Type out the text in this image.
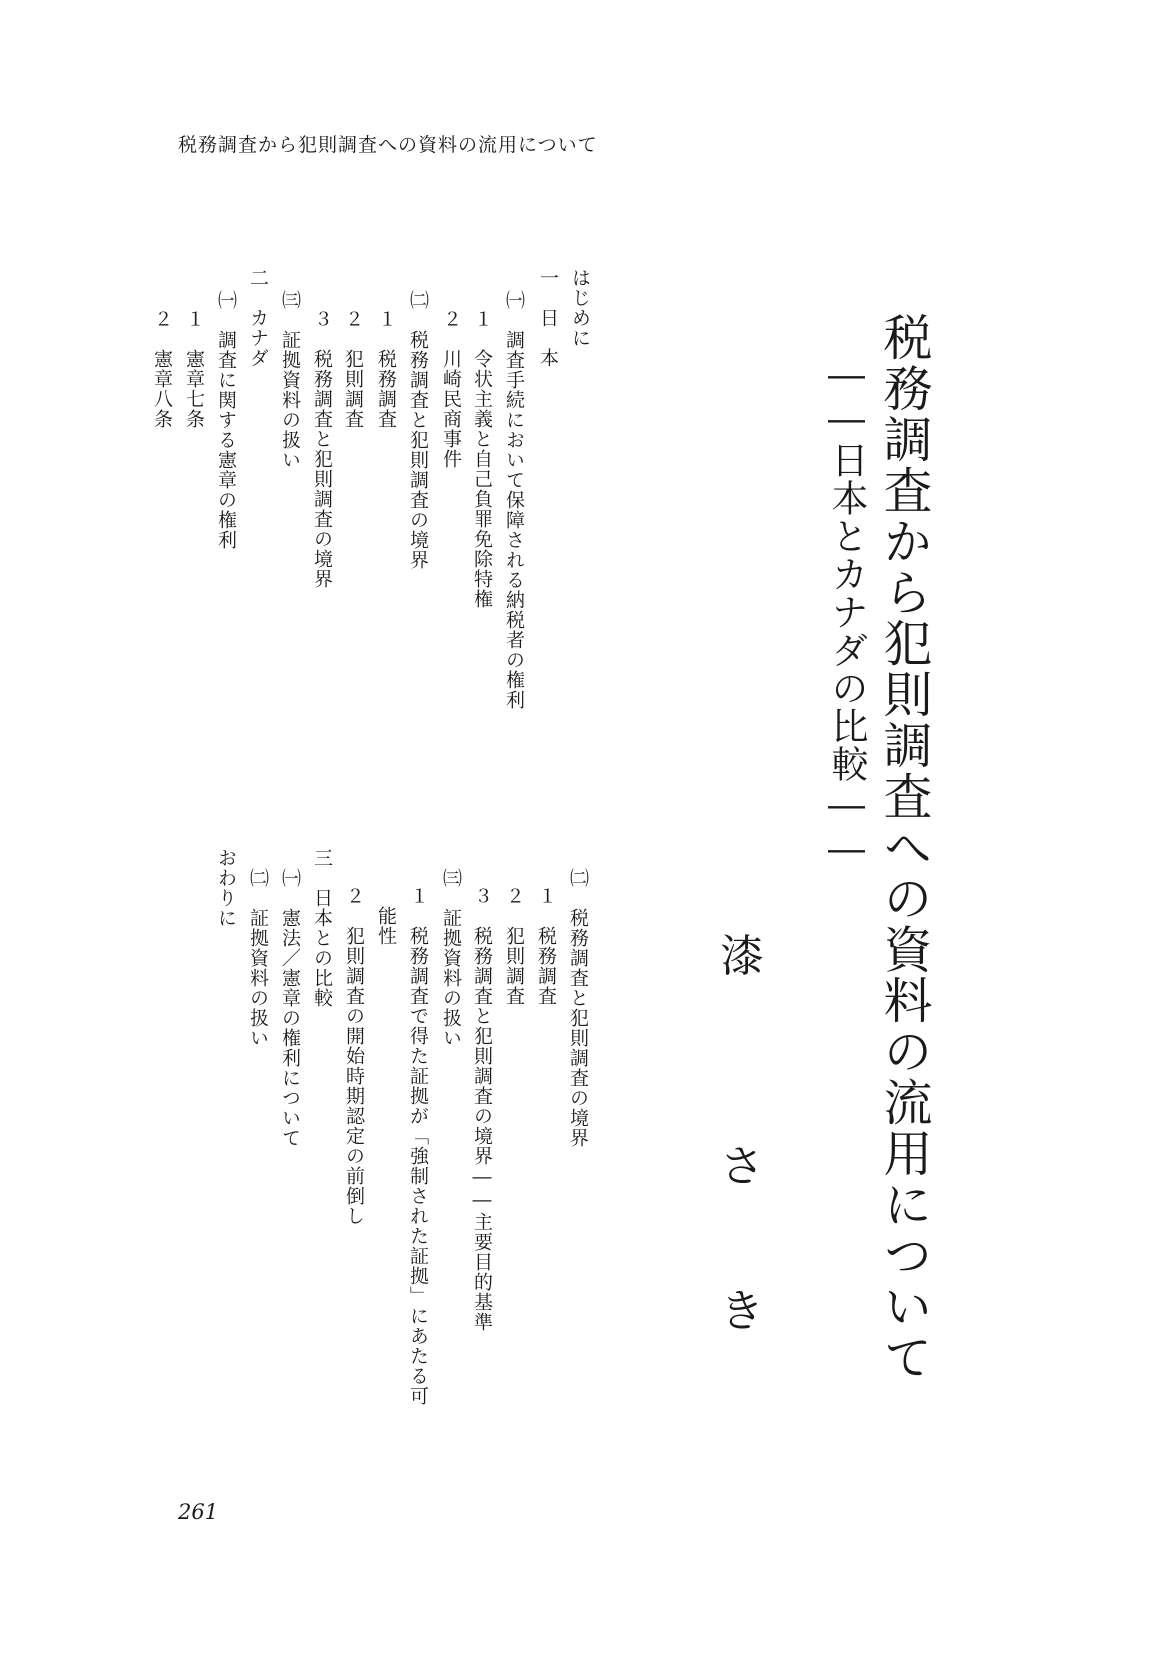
税務調査から犯則調査への資料の流用について
税務調査から犯則調査への資料の流用について
――日本とカナダの比較――
漆
さ
き
はじめに
一　日　本
㈠　調査手続において保障される納税者の権利
１　令状主義と自己負罪免除特権
２　川崎民商事件
㈡　税務調査と犯則調査の境界
１　税務調査
２　犯則調査
３　税務調査と犯則調査の境界
㈢　証拠資料の扱い
二　カナダ
㈠　調査に関する憲章の権利
１　憲章七条
２　憲章八条
㈡　税務調査と犯則調査の境界
１　税務調査
２　犯則調査
３　税務調査と犯則調査の境界――主要目的基準
㈢　証拠資料の扱い
１　税務調査で得た証拠が「強制された証拠」にあたる可
能性
２　犯則調査の開始時期認定の前倒し
三　日本との比較
㈠　憲法／憲章の権利について
㈡　証拠資料の扱い
おわりに
261
